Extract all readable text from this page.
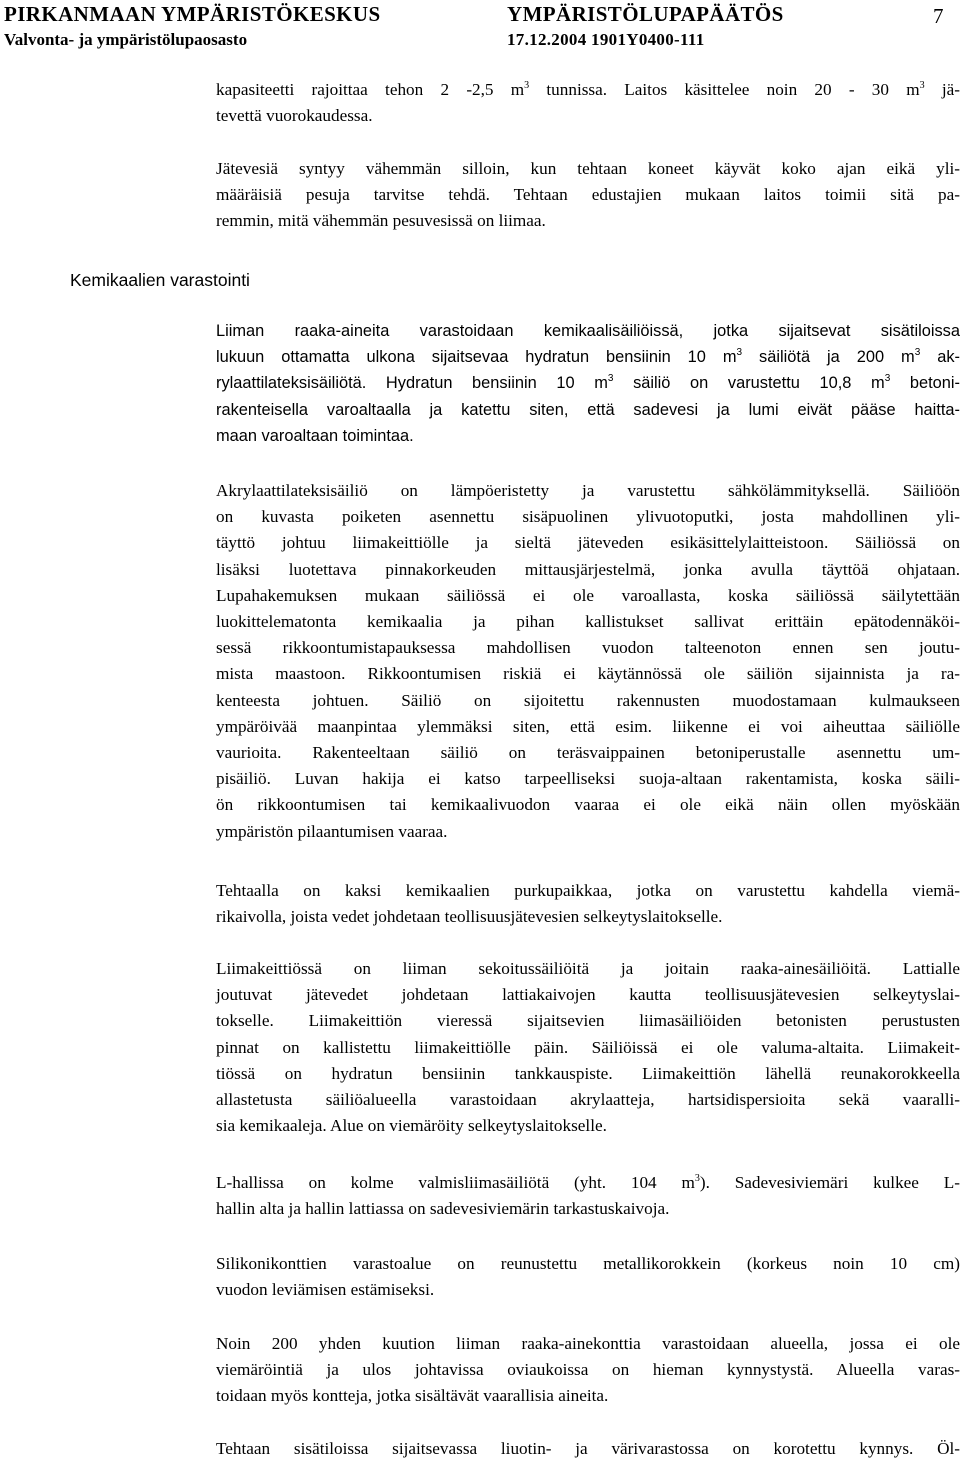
PIRKANMAAN YMPÄRISTÖKESKUS	YMPÄRISTÖLUPAPÄÄTÖS	7
Valvonta- ja ympäristölupaosasto	17.12.2004 1901Y0400-111
Kemikaalien varastointi
kapasiteetti rajoittaa tehon 2 -2,5 $m^3$ tunnissa. Laitos käsittelee noin 20 - 30 $m^3$ jä-
tevettä vuorokaudessa.
Jätevesiä syntyy vähemmän silloin, kun tehtaan koneet käyvät koko ajan eikä yli-
määräisiä pesuja tarvitse tehdä. Tehtaan edustajien mukaan laitos toimii sitä pa-
remmin, mitä vähemmän pesuvesissä on liimaa.
Liiman raaka-aineita varastoidaan kemikaalisäiliöissä, jotka sijaitsevat sisätiloissa
lukuun ottamatta ulkona sijaitsevaa hydratun bensiinin 10 $m^3$ säiliötä ja 200 $m^3$ ak-
rylaattilateksisäiliötä. Hydratun bensiinin 10 $m^3$ säiliö on varustettu 10,8 $m^3$ betoni-
rakenteisella varoaltaalla ja katettu siten, että sadevesi ja lumi eivät pääse haitta-
maan varoaltaan toimintaa.
Akrylaattilateksisäiliö on lämpöeristetty ja varustettu sähkölämmityksellä. Säiliöön
on kuvasta poiketen asennettu sisäpuolinen ylivuotoputki, josta mahdollinen yli-
täyttö johtuu liimakeittiölle ja sieltä jäteveden esikäsittelylaitteistoon. Säiliössä on
lisäksi luotettava pinnakorkeuden mittausjärjestelmä, jonka avulla täyttöä ohjataan.
Lupahakemuksen mukaan säiliössä ei ole varoallasta, koska säiliössä säilytettään
luokittelematonta kemikaalia ja pihan kallistukset sallivat erittäin epätodennäköi-
sessä rikkoontumistapauksessa mahdollisen vuodon talteenoton ennen sen joutu-
mista maastoon. Rikkoontumisen riskiä ei käytännössä ole säiliön sijainnista ja ra-
kenteesta johtuen. Säiliö on sijoitettu rakennusten muodostamaan kulmaukseen
ympäröivää maanpintaa ylemmäksi siten, että esim. liikenne ei voi aiheuttaa säiliölle
vaurioita. Rakenteeltaan säiliö on teräsvaippainen betoniperustalle asennettu um-
pisäiliö. Luvan hakija ei katso tarpeelliseksi suoja-altaan rakentamista, koska säili-
ön rikkoontumisen tai kemikaalivuodon vaaraa ei ole eikä näin ollen myöskään
ympäristön pilaantumisen vaaraa.
Tehtaalla on kaksi kemikaalien purkupaikkaa, jotka on varustettu kahdella viemä-
rikaivolla, joista vedet johdetaan teollisuusjätevesien selkeytyslaitokselle.
Liimakeittiössä on liiman sekoitussäiliöitä ja joitain raaka-ainesäiliöitä. Lattialle
joutuvat jätevedet johdetaan lattiakaivojen kautta teollisuusjätevesien selkeytyslai-
tokselle. Liimakeittiön vieressä sijaitsevien liimasäiliöiden betonisten perustusten
pinnat on kallistettu liimakeittiölle päin. Säiliöissä ei ole valuma-altaita. Liimakeit-
tiössä on hydratun bensiinin tankkauspiste. Liimakeittiön lähellä reunakorokkeella
allastetusta säiliöalueella varastoidaan akrylaatteja, hartsidispersioita sekä vaaralli-
sia kemikaaleja. Alue on viemäröity selkeytyslaitokselle.
L-hallissa on kolme valmisliimasäiliötä (yht. 104 $m^3$). Sadevesiviemäri kulkee L-
hallin alta ja hallin lattiassa on sadevesiviemärin tarkastuskaivoja.
Silikonikonttien varastoalue on reunustettu metallikorokkein (korkeus noin 10 cm)
vuodon leviämisen estämiseksi.
Noin 200 yhden kuution liiman raaka-ainekonttia varastoidaan alueella, jossa ei ole
viemäröintiä ja ulos johtavissa oviaukoissa on hieman kynnystystä. Alueella varas-
toidaan myös kontteja, jotka sisältävät vaarallisia aineita.
Tehtaan sisätiloissa sijaitsevassa liuotin- ja värivarastossa on korotettu kynnys. Öl-
